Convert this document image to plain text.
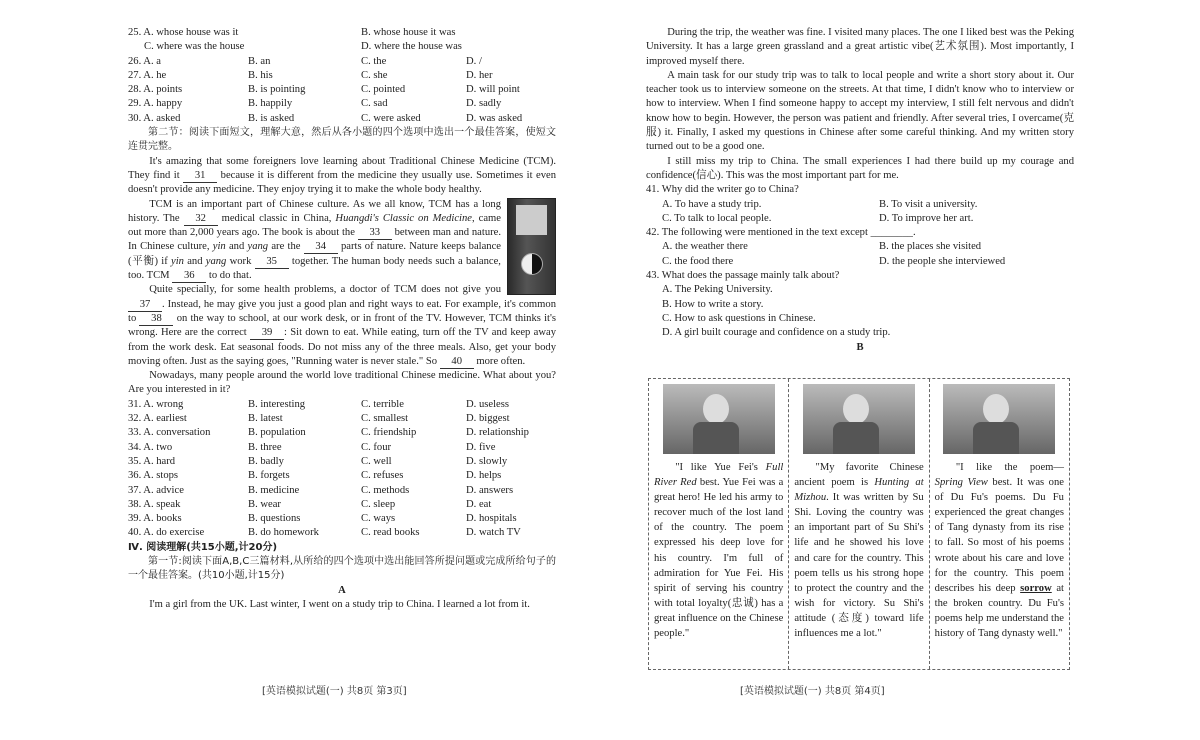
25. A. whose house was it	B. whose house it was
C. where was the house	D. where the house was
26. A. a	B. an	C. the	D. /
27. A. he	B. his	C. she	D. her
28. A. points	B. is pointing	C. pointed	D. will point
29. A. happy	B. happily	C. sad	D. sadly
30. A. asked	B. is asked	C. were asked	D. was asked

第二节：阅读下面短文，理解大意，然后从各小题的四个选项中选出一个最佳答案，使短文连贯完整。

It's amazing that some foreigners love learning about Traditional Chinese Medicine (TCM). They find it 31 because it is different from the medicine they usually use. Sometimes it even doesn't provide any medicine. They enjoy trying it to make the whole body healthy.

TCM is an important part of Chinese culture. As we all know, TCM has a long history. The 32 medical classic in China, Huangdi's Classic on Medicine, came out more than 2,000 years ago. The book is about the 33 between man and nature. In Chinese culture, yin and yang are the 34 parts of nature. Nature keeps balance (平衡) if yin and yang work 35 together. The human body needs such a balance, too. TCM 36 to do that.

Quite specially, for some health problems, a doctor of TCM does not give you 37 . Instead, he may give you just a good plan and right ways to eat. For example, it's common to 38 on the way to school, at our work desk, or in front of the TV. However, TCM thinks it's wrong. Here are the correct 39 : Sit down to eat. While eating, turn off the TV and keep away from the work desk. Eat seasonal foods. Do not miss any of the three meals. Also, get your body moving often. Just as the saying goes, "Running water is never stale." So 40 more often.

Nowadays, many people around the world love traditional Chinese medicine. What about you? Are you interested in it?

31. A. wrong	B. interesting	C. terrible	D. useless
32. A. earliest	B. latest	C. smallest	D. biggest
33. A. conversation	B. population	C. friendship	D. relationship
34. A. two	B. three	C. four	D. five
35. A. hard	B. badly	C. well	D. slowly
36. A. stops	B. forgets	C. refuses	D. helps
37. A. advice	B. medicine	C. methods	D. answers
38. A. speak	B. wear	C. sleep	D. eat
39. A. books	B. questions	C. ways	D. hospitals
40. A. do exercise	B. do homework	C. read books	D. watch TV

Ⅳ. 阅读理解(共15小题,计20分)

第一节:阅读下面A,B,C三篇材料,从所给的四个选项中选出能回答所提问题或完成所给句子的一个最佳答案。(共10小题,计15分)

A

I'm a girl from the UK. Last winter, I went on a study trip to China. I learned a lot from it.

During the trip, the weather was fine. I visited many places. The one I liked best was the Peking University. It has a large green grassland and a great artistic vibe(艺术氛围). Most importantly, I improved myself there.

A main task for our study trip was to talk to local people and write a short story about it. Our teacher took us to interview someone on the streets. At that time, I didn't know who to interview or how to interview. When I find someone happy to accept my interview, I still felt nervous and didn't know how to begin. However, the person was patient and friendly. After several tries, I overcame(克服) it. Finally, I asked my questions in Chinese after some careful thinking. And my written story turned out to be a good one.

I still miss my trip to China. The small experiences I had there build up my courage and confidence(信心). This was the most important part for me.

41. Why did the writer go to China?
A. To have a study trip.	B. To visit a university.
C. To talk to local people.	D. To improve her art.
42. The following were mentioned in the text except ________.
A. the weather there	B. the places she visited
C. the food there	D. the people she interviewed
43. What does the passage mainly talk about?
A. The Peking University.
B. How to write a story.
C. How to ask questions in Chinese.
D. A girl built courage and confidence on a study trip.

B

"I like Yue Fei's Full River Red best. Yue Fei was a great hero! He led his army to recover much of the lost land of the country. The poem expressed his deep love for his country. I'm full of admiration for Yue Fei. His spirit of serving his country with total loyalty(忠诚) has a great influence on the Chinese people."

"My favorite Chinese ancient poem is Hunting at Mizhou. It was written by Su Shi. Loving the country was an important part of Su Shi's life and he showed his love and care for the country. This poem tells us his strong hope to protect the country and the wish for victory. Su Shi's attitude (态度) toward life influences me a lot."

"I like the poem— Spring View best. It was one of Du Fu's poems. Du Fu experienced the great changes of Tang dynasty from its rise to fall. So most of his poems wrote about his care and love for the country. This poem describes his deep sorrow at the broken country. Du Fu's poems help me understand the history of Tang dynasty well."

[英语模拟试题(一) 共8页 第3页]	[英语模拟试题(一) 共8页 第4页]
